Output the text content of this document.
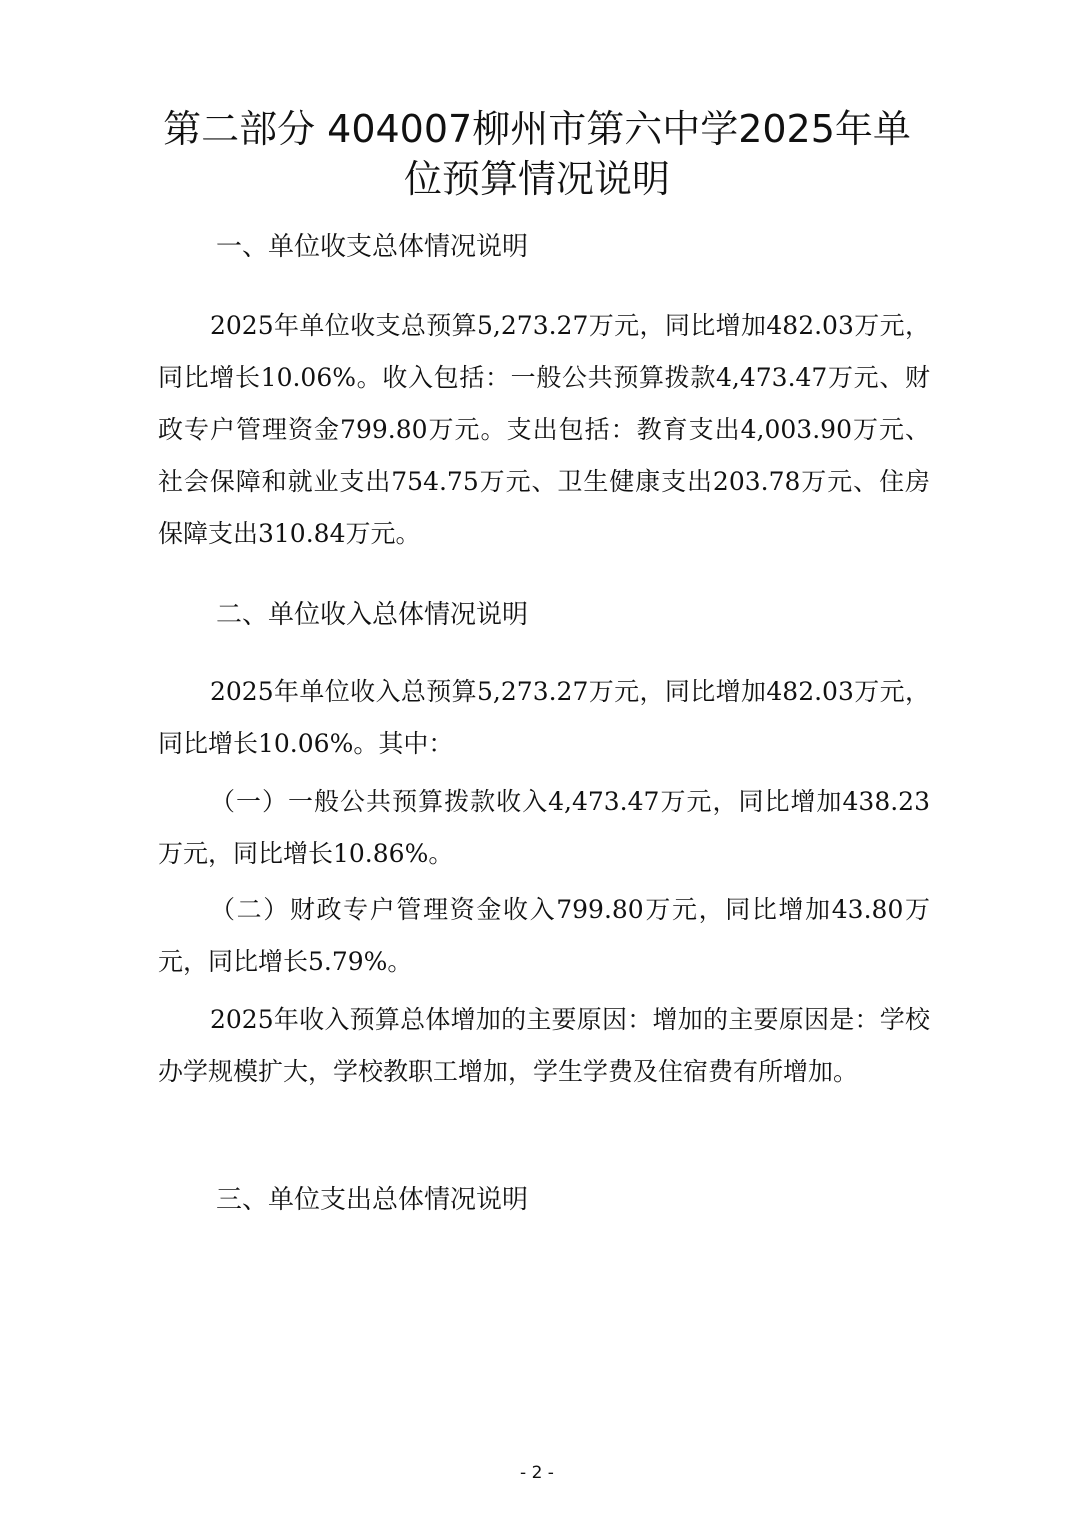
第二部分 404007柳州市第六中学2025年单
位预算情况说明
一、单位收支总体情况说明

2025年单位收支总预算5,273.27万元，同比增加482.03万元，同比增长10.06%。收入包括：一般公共预算拨款4,473.47万元、财政专户管理资金799.80万元。支出包括：教育支出4,003.90万元、社会保障和就业支出754.75万元、卫生健康支出203.78万元、住房保障支出310.84万元。

二、单位收入总体情况说明

2025年单位收入总预算5,273.27万元，同比增加482.03万元，同比增长10.06%。其中：

（一）一般公共预算拨款收入4,473.47万元，同比增加438.23万元，同比增长10.86%。

（二）财政专户管理资金收入799.80万元，同比增加43.80万元，同比增长5.79%。

2025年收入预算总体增加的主要原因：增加的主要原因是：学校办学规模扩大，学校教职工增加，学生学费及住宿费有所增加。

三、单位支出总体情况说明
- 2 -
